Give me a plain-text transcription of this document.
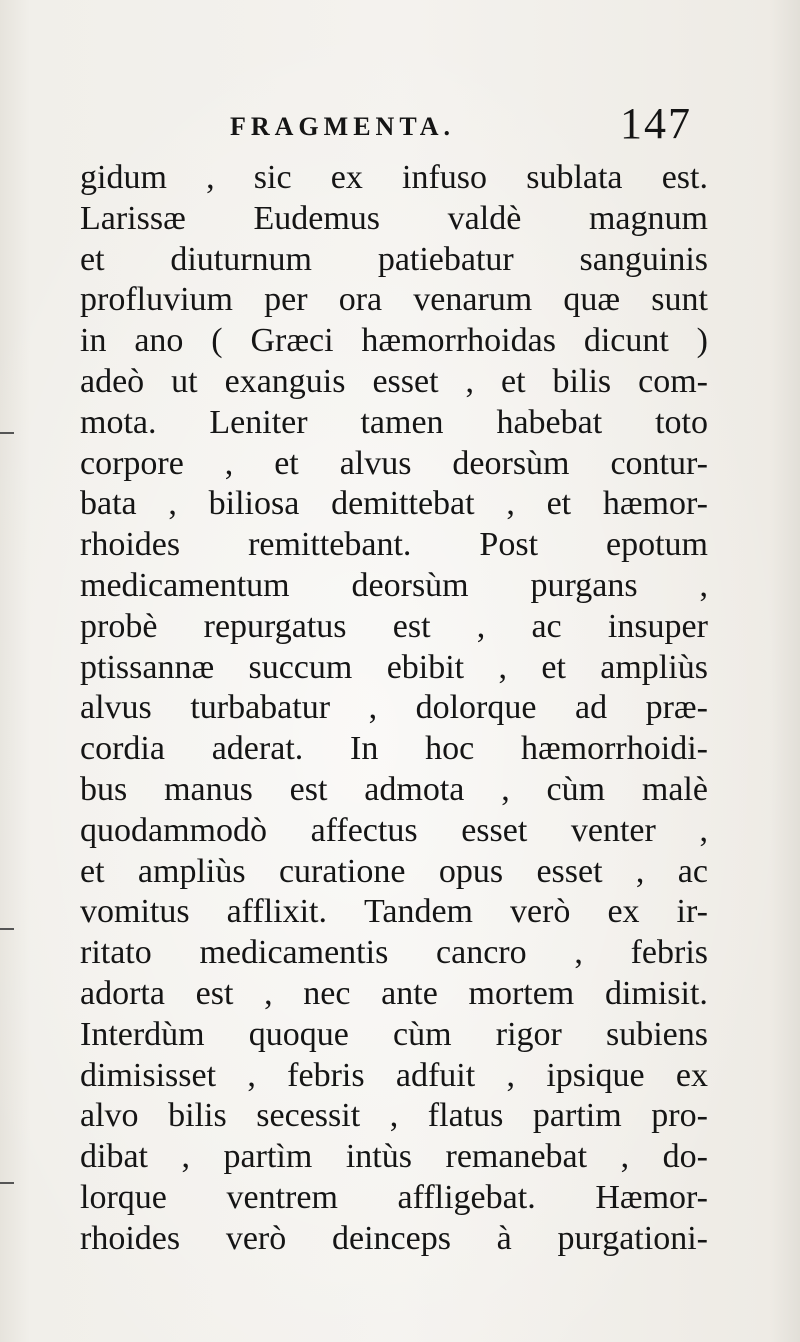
FRAGMENTA.	147
gidum , sic ex infuso sublata est.
Larissæ Eudemus valdè magnum
et diuturnum patiebatur sanguinis
profluvium per ora venarum quæ sunt
in ano ( Græci hæmorrhoidas dicunt )
adeò ut exanguis esset , et bilis com-
mota. Leniter tamen habebat toto
corpore , et alvus deorsùm contur-
bata , biliosa demittebat , et hæmor-
rhoides remittebant. Post epotum
medicamentum deorsùm purgans ,
probè repurgatus est , ac insuper
ptissannæ succum ebibit , et ampliùs
alvus turbabatur , dolorque ad præ-
cordia aderat. In hoc hæmorrhoidi-
bus manus est admota , cùm malè
quodammodò affectus esset venter ,
et ampliùs curatione opus esset , ac
vomitus afflixit. Tandem verò ex ir-
ritato medicamentis cancro , febris
adorta est , nec ante mortem dimisit.
Interdùm quoque cùm rigor subiens
dimisisset , febris adfuit , ipsique ex
alvo bilis secessit , flatus partim pro-
dibat , partìm intùs remanebat , do-
lorque ventrem affligebat. Hæmor-
rhoides verò deinceps à purgationi-
